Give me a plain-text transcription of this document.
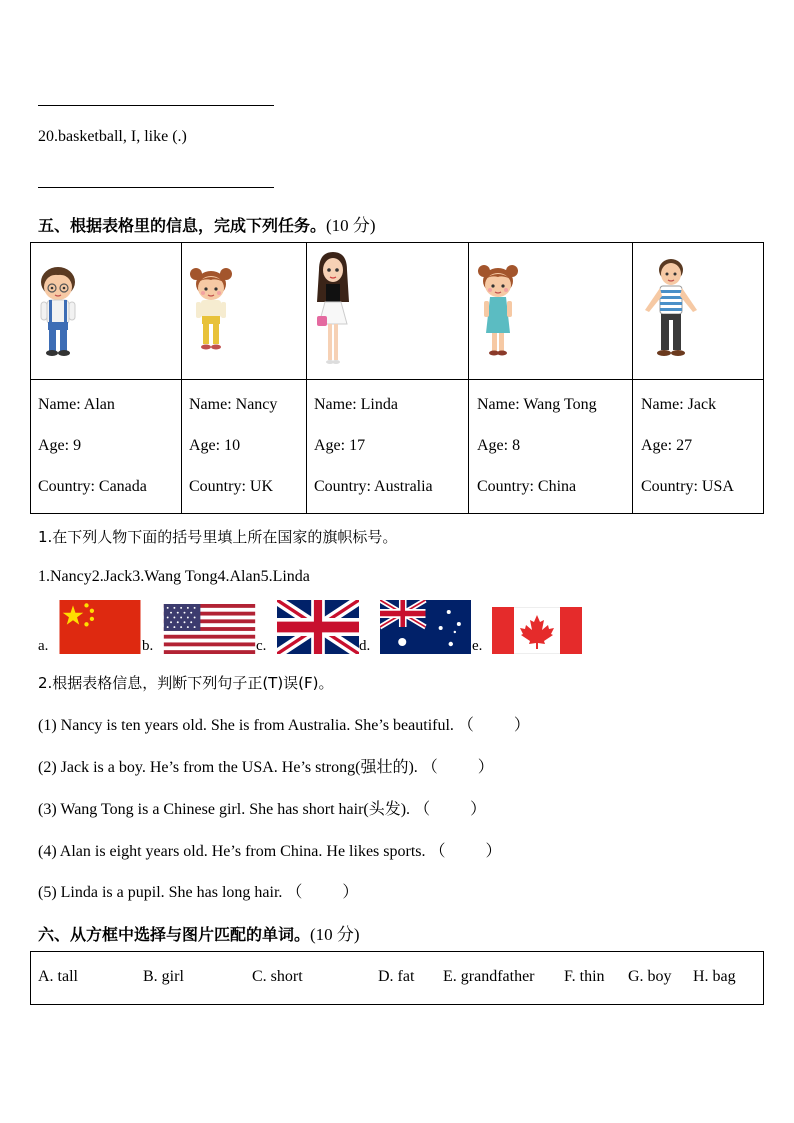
20.basketball, I, like (.)
五、根据表格里的信息，完成下列任务。(10 分)
Name: Alan
Age: 9
Country: Canada
Name: Nancy
Age: 10
Country: UK
Name: Linda
Age: 17
Country: Australia
Name: Wang Tong
Age: 8
Country: China
Name: Jack
Age: 27
Country: USA
1.在下列人物下面的括号里填上所在国家的旗帜标号。
1.Nancy2.Jack3.Wang Tong4.Alan5.Linda
a.	b.	c.	d.	e.
2.根据表格信息，判断下列句子正(T)误(F)。
(1) Nancy is ten years old. She is from Australia. She’s beautiful. （          ）
(2) Jack is a boy. He’s from the USA. He’s strong(强壮的). （          ）
(3) Wang Tong is a Chinese girl. She has short hair(头发). （          ）
(4) Alan is eight years old. He’s from China. He likes sports. （          ）
(5) Linda is a pupil. She has long hair. （          ）
六、从方框中选择与图片匹配的单词。(10 分)
A. tall	B. girl	C. short	D. fat E. grandfather F. thin G. boy H. bag
